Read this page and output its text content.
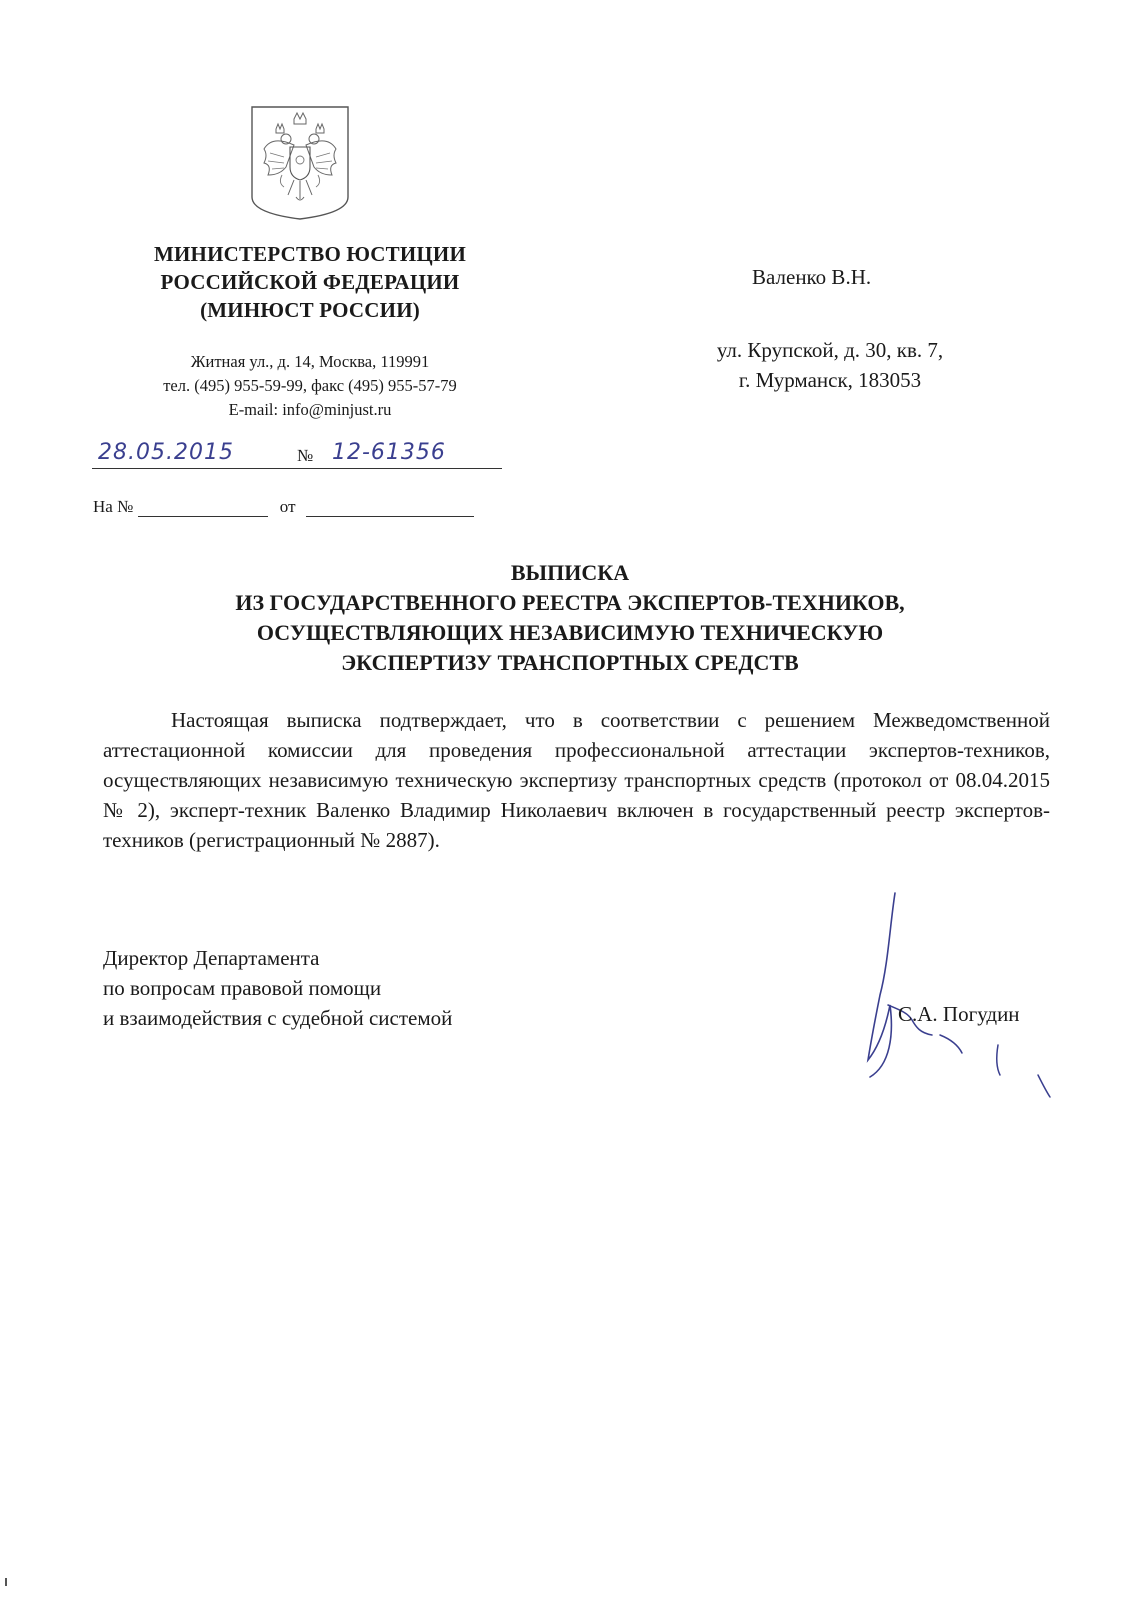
МИНИСТЕРСТВО ЮСТИЦИИ
РОССИЙСКОЙ ФЕДЕРАЦИИ
(МИНЮСТ РОССИИ)
Житная ул., д. 14, Москва, 119991
тел. (495) 955-59-99, факс (495) 955-57-79
E-mail: info@minjust.ru
28.05.2015	№ 12-61356
На №	от
Валенко В.Н.
ул. Крупской, д. 30, кв. 7,
г. Мурманск, 183053
ВЫПИСКА
ИЗ ГОСУДАРСТВЕННОГО РЕЕСТРА ЭКСПЕРТОВ-ТЕХНИКОВ,
ОСУЩЕСТВЛЯЮЩИХ НЕЗАВИСИМУЮ ТЕХНИЧЕСКУЮ
ЭКСПЕРТИЗУ ТРАНСПОРТНЫХ СРЕДСТВ
Настоящая выписка подтверждает, что в соответствии с решением Межведомственной аттестационной комиссии для проведения профессиональной аттестации экспертов-техников, осуществляющих независимую техническую экспертизу транспортных средств (протокол от 08.04.2015 № 2), эксперт-техник Валенко Владимир Николаевич включен в государственный реестр экспертов-техников (регистрационный № 2887).
Директор Департамента
по вопросам правовой помощи
и взаимодействия с судебной системой	С.А. Погудин
